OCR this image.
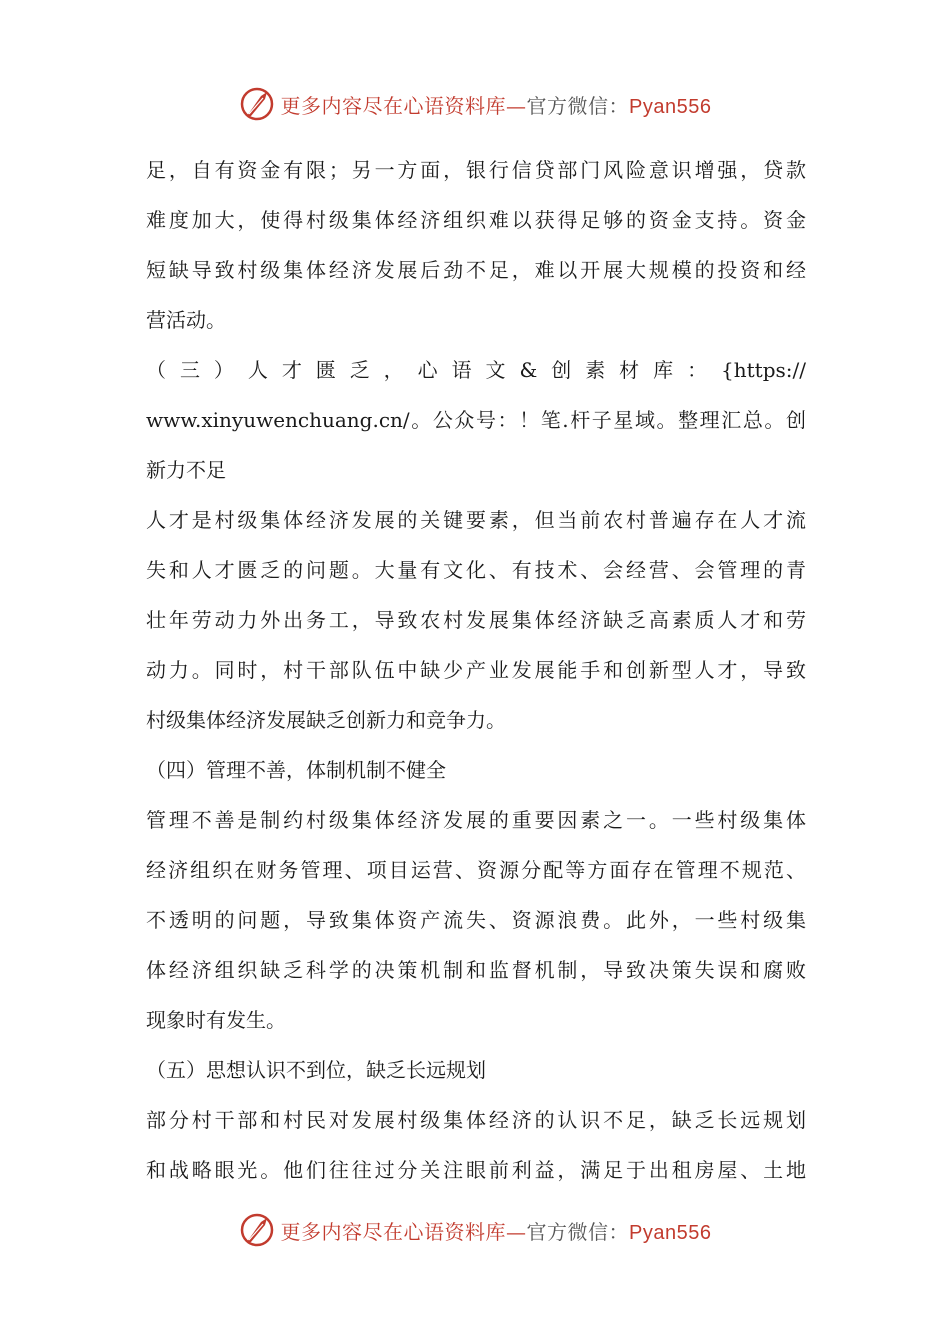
更多内容尽在心语资料库—官方微信：Pyan556
足，自有资金有限；另一方面，银行信贷部门风险意识增强，贷款
难度加大，使得村级集体经济组织难以获得足够的资金支持。资金
短缺导致村级集体经济发展后劲不足，难以开展大规模的投资和经
营活动。
（三）人才匮乏，心语文&创素材库：{https://
www.xinyuwenchuang.cn/。公众号：！笔.杆子星域。整理汇总。创
新力不足
人才是村级集体经济发展的关键要素，但当前农村普遍存在人才流
失和人才匮乏的问题。大量有文化、有技术、会经营、会管理的青
壮年劳动力外出务工，导致农村发展集体经济缺乏高素质人才和劳
动力。同时，村干部队伍中缺少产业发展能手和创新型人才，导致
村级集体经济发展缺乏创新力和竞争力。
（四）管理不善，体制机制不健全
管理不善是制约村级集体经济发展的重要因素之一。一些村级集体
经济组织在财务管理、项目运营、资源分配等方面存在管理不规范、
不透明的问题，导致集体资产流失、资源浪费。此外，一些村级集
体经济组织缺乏科学的决策机制和监督机制，导致决策失误和腐败
现象时有发生。
（五）思想认识不到位，缺乏长远规划
部分村干部和村民对发展村级集体经济的认识不足，缺乏长远规划
和战略眼光。他们往往过分关注眼前利益，满足于出租房屋、土地
更多内容尽在心语资料库—官方微信：Pyan556
